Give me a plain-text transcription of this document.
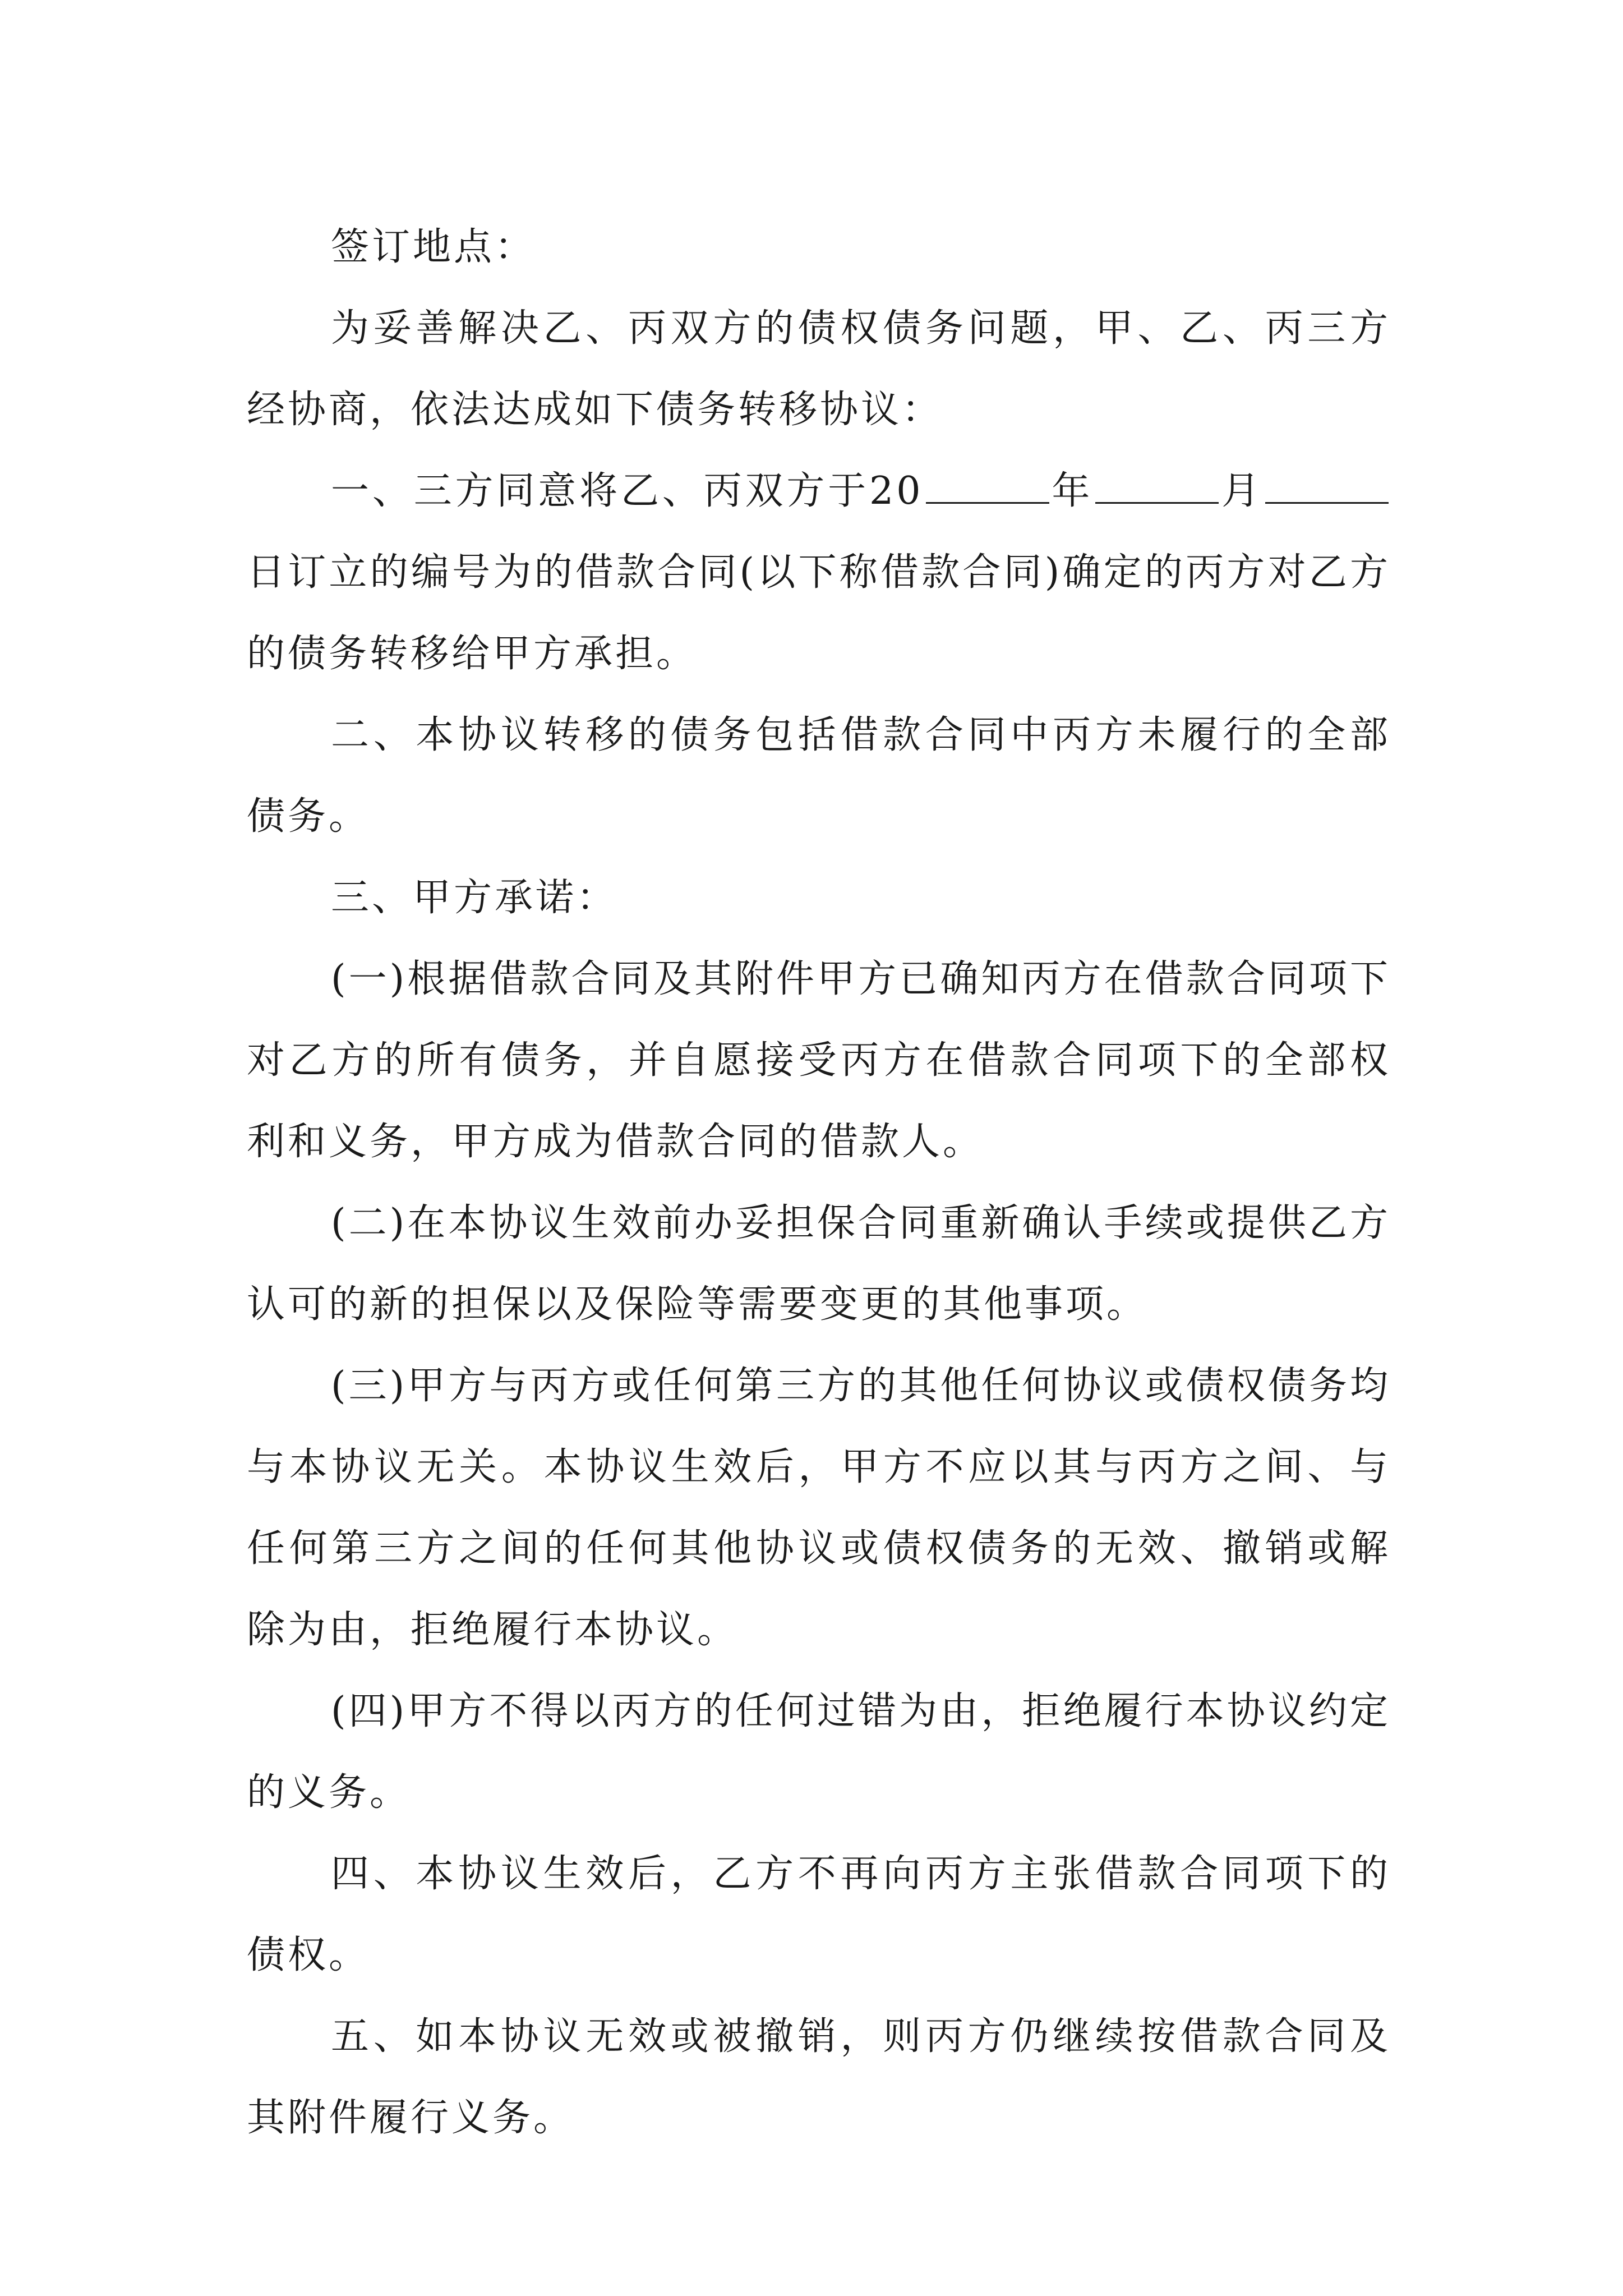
签订地点：

为妥善解决乙、丙双方的债权债务问题，甲、乙、丙三方经协商，依法达成如下债务转移协议：

一、三方同意将乙、丙双方于20	年	月日订立的编号为的借款合同(以下称借款合同)确定的丙方对乙方的债务转移给甲方承担。

二、本协议转移的债务包括借款合同中丙方未履行的全部债务。

三、甲方承诺：

(一)根据借款合同及其附件甲方已确知丙方在借款合同项下对乙方的所有债务，并自愿接受丙方在借款合同项下的全部权利和义务，甲方成为借款合同的借款人。

(二)在本协议生效前办妥担保合同重新确认手续或提供乙方认可的新的担保以及保险等需要变更的其他事项。

(三)甲方与丙方或任何第三方的其他任何协议或债权债务均与本协议无关。本协议生效后，甲方不应以其与丙方之间、与任何第三方之间的任何其他协议或债权债务的无效、撤销或解除为由，拒绝履行本协议。

(四)甲方不得以丙方的任何过错为由，拒绝履行本协议约定的义务。

四、本协议生效后，乙方不再向丙方主张借款合同项下的债权。

五、如本协议无效或被撤销，则丙方仍继续按借款合同及其附件履行义务。
